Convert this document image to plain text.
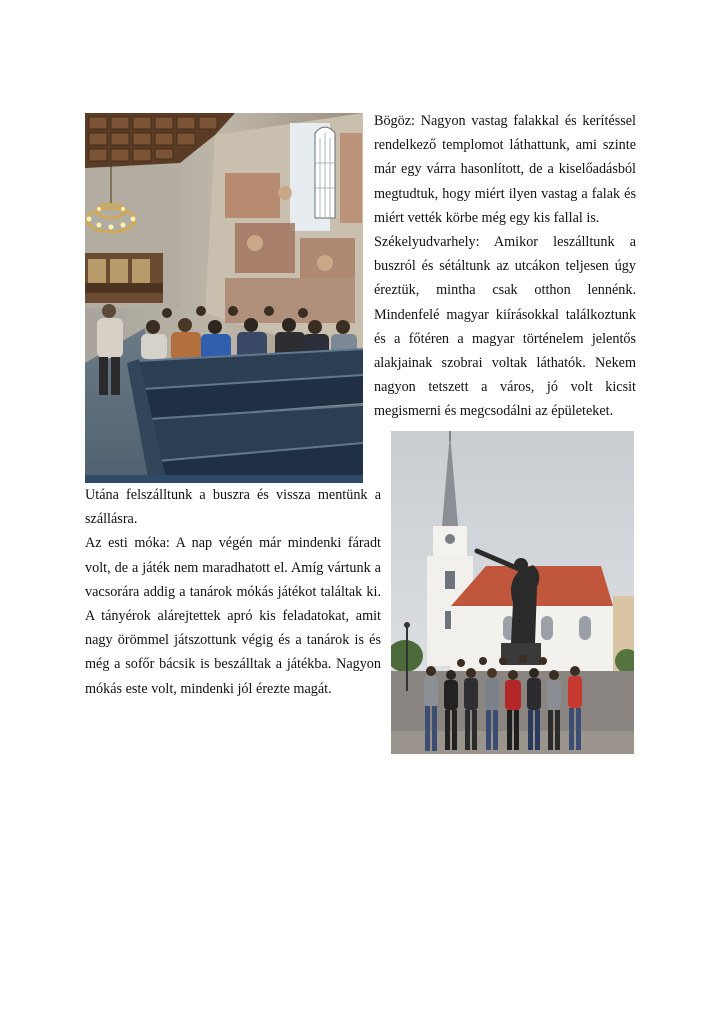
Bögöz: Nagyon vastag falakkal és kerítéssel rendelkező templomot láthattunk, ami szinte már egy várra hasonlított, de a kiselőadásból megtudtuk, hogy miért ilyen vastag a falak és miért vették körbe még egy kis fallal is.

Székelyudvarhely: Amikor leszálltunk a buszról és sétáltunk az utcákon teljesen úgy éreztük, mintha csak otthon lennénk. Mindenfelé magyar kiírásokkal találkoztunk és a főtéren a magyar történelem jelentős alakjainak szobrai voltak láthatók. Nekem nagyon tetszett a város, jó volt kicsit megismerni és megcsodálni az épületeket.

Utána felszálltunk a buszra és vissza mentünk a szállásra.

Az esti móka: A nap végén már mindenki fáradt volt, de a játék nem maradhatott el. Amíg vártunk a vacsorára addig a tanárok mókás játékot találtak ki. A tányérok alárejtettek apró kis feladatokat, amit nagy örömmel játszottunk végig és a tanárok is és még a sofőr bácsik is beszálltak a játékba. Nagyon mókás este volt, mindenki jól érezte magát.
